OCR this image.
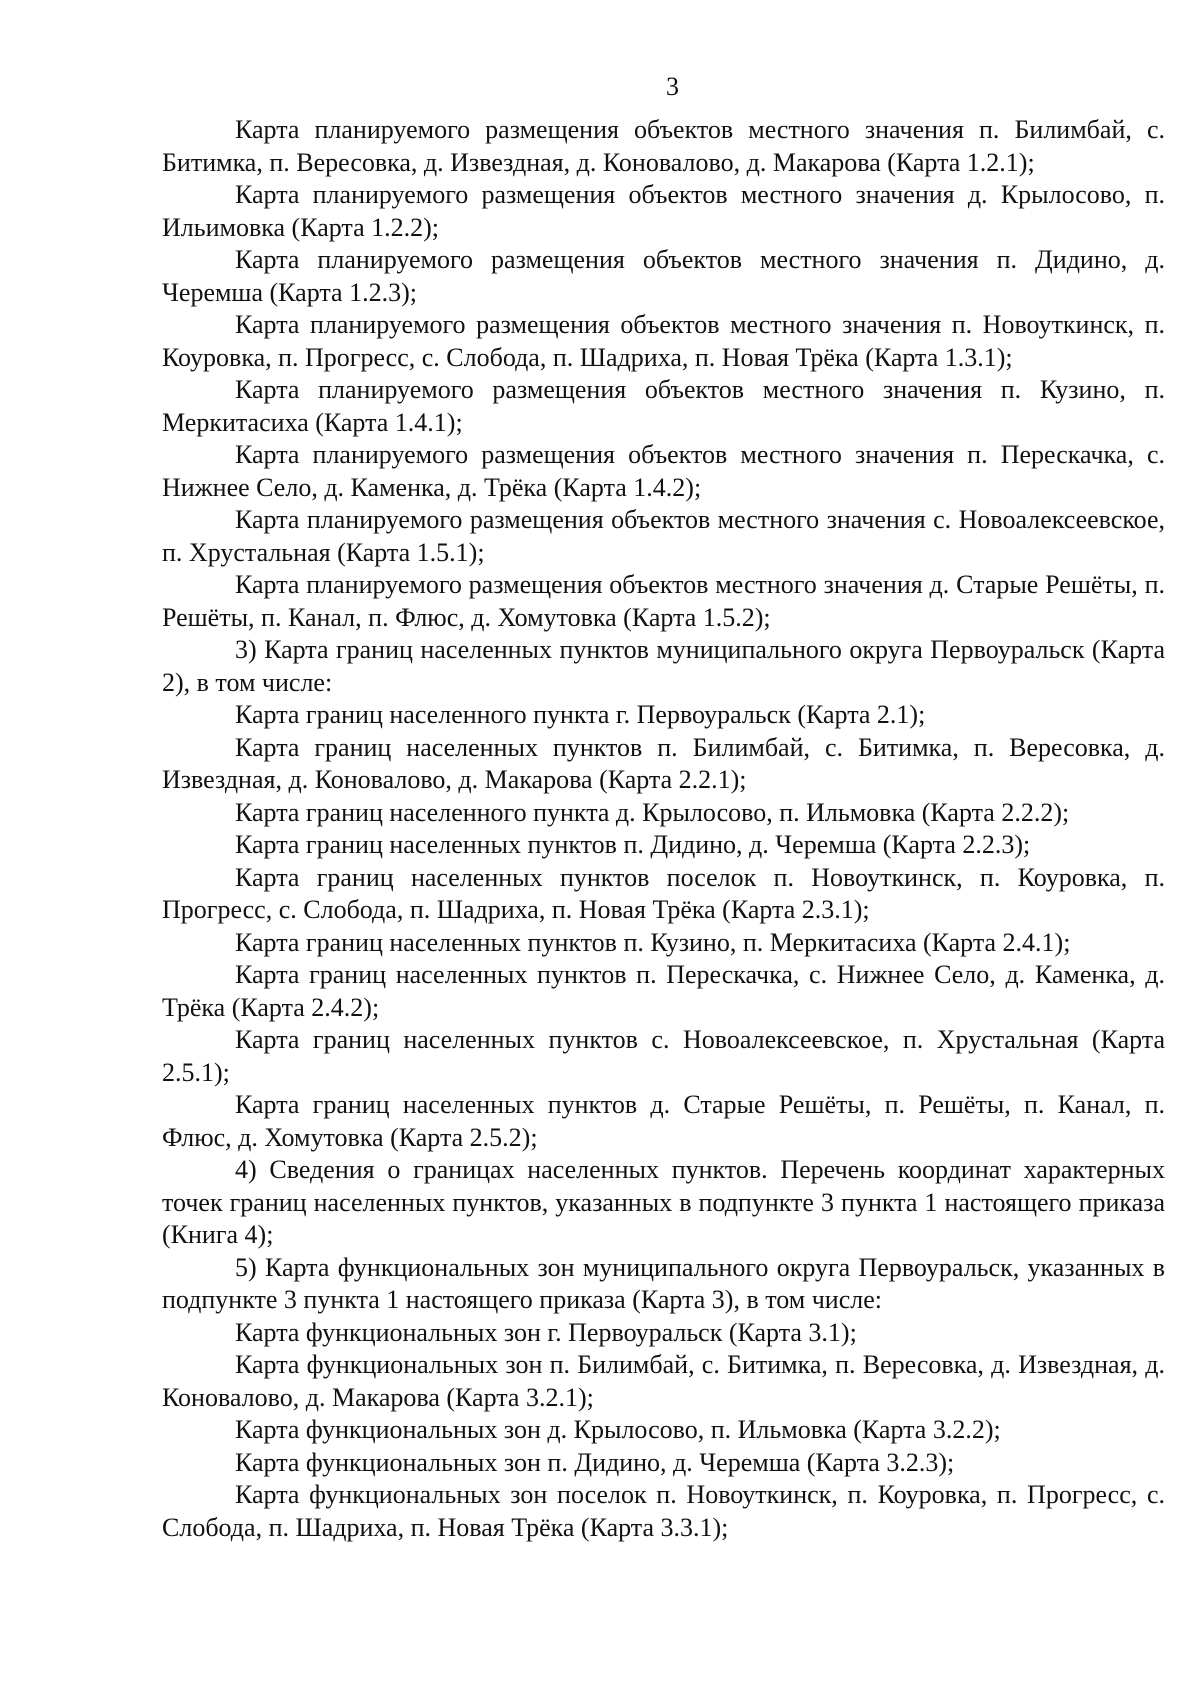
3

Карта планируемого размещения объектов местного значения п. Билимбай, с. Битимка, п. Вересовка, д. Извездная, д. Коновалово, д. Макарова (Карта 1.2.1);

Карта планируемого размещения объектов местного значения д. Крылосово, п. Ильимовка (Карта 1.2.2);

Карта планируемого размещения объектов местного значения п. Дидино, д. Черемша (Карта 1.2.3);

Карта планируемого размещения объектов местного значения п. Новоуткинск, п. Коуровка, п. Прогресс, с. Слобода, п. Шадриха, п. Новая Трёка (Карта 1.3.1);

Карта планируемого размещения объектов местного значения п. Кузино, п. Меркитасиха (Карта 1.4.1);

Карта планируемого размещения объектов местного значения п. Перескачка, с. Нижнее Село, д. Каменка, д. Трёка (Карта 1.4.2);

Карта планируемого размещения объектов местного значения с. Новоалексеевское, п. Хрустальная (Карта 1.5.1);

Карта планируемого размещения объектов местного значения д. Старые Решёты, п. Решёты, п. Канал, п. Флюс, д. Хомутовка (Карта 1.5.2);

3) Карта границ населенных пунктов муниципального округа Первоуральск (Карта 2), в том числе:

Карта границ населенного пункта г. Первоуральск (Карта 2.1);

Карта границ населенных пунктов п. Билимбай, с. Битимка, п. Вересовка, д. Извездная, д. Коновалово, д. Макарова (Карта 2.2.1);

Карта границ населенного пункта д. Крылосово, п. Ильмовка (Карта 2.2.2);

Карта границ населенных пунктов п. Дидино, д. Черемша (Карта 2.2.3);

Карта границ населенных пунктов поселок п. Новоуткинск, п. Коуровка, п. Прогресс, с. Слобода, п. Шадриха, п. Новая Трёка (Карта 2.3.1);

Карта границ населенных пунктов п. Кузино, п. Меркитасиха (Карта 2.4.1);

Карта границ населенных пунктов п. Перескачка, с. Нижнее Село, д. Каменка, д. Трёка (Карта 2.4.2);

Карта границ населенных пунктов с. Новоалексеевское, п. Хрустальная (Карта 2.5.1);

Карта границ населенных пунктов д. Старые Решёты, п. Решёты, п. Канал, п. Флюс, д. Хомутовка (Карта 2.5.2);

4) Сведения о границах населенных пунктов. Перечень координат характерных точек границ населенных пунктов, указанных в подпункте 3 пункта 1 настоящего приказа (Книга 4);

5) Карта функциональных зон муниципального округа Первоуральск, указанных в подпункте 3 пункта 1 настоящего приказа (Карта 3), в том числе:

Карта функциональных зон г. Первоуральск (Карта 3.1);

Карта функциональных зон п. Билимбай, с. Битимка, п. Вересовка, д. Извездная, д. Коновалово, д. Макарова (Карта 3.2.1);

Карта функциональных зон д. Крылосово, п. Ильмовка (Карта 3.2.2);

Карта функциональных зон п. Дидино, д. Черемша (Карта 3.2.3);

Карта функциональных зон поселок п. Новоуткинск, п. Коуровка, п. Прогресс, с. Слобода, п. Шадриха, п. Новая Трёка (Карта 3.3.1);
